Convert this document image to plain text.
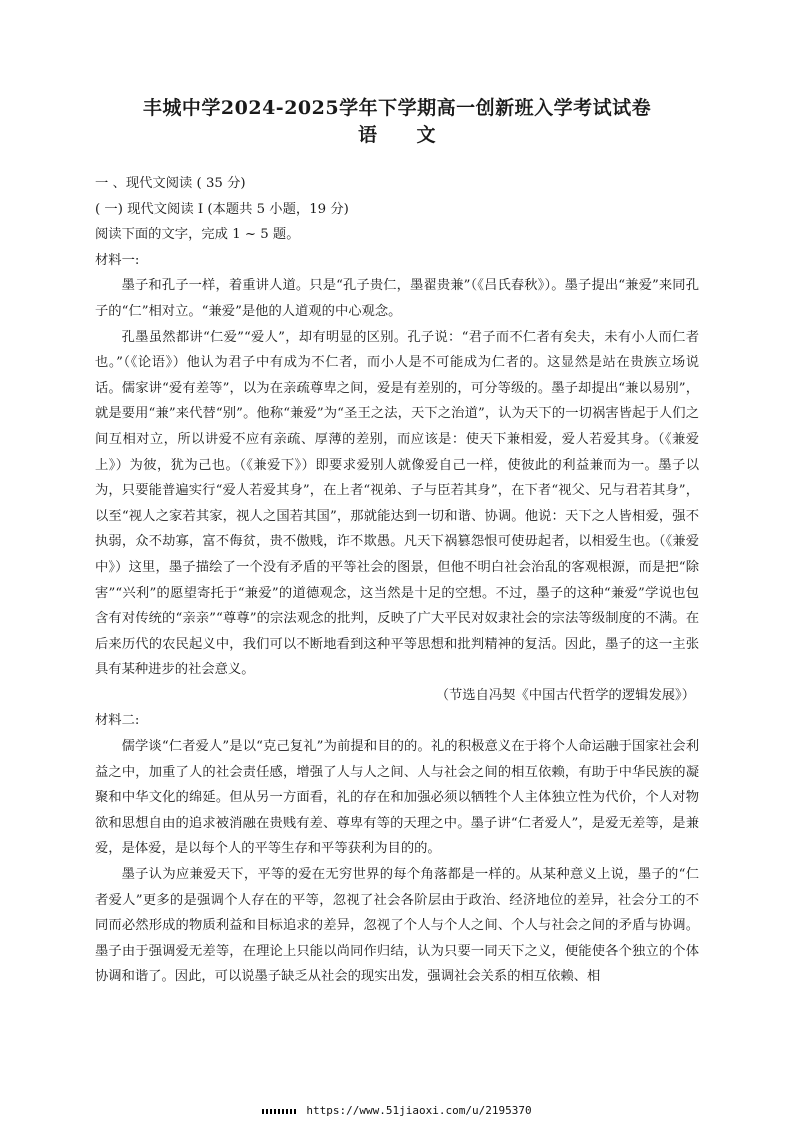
丰城中学2024-2025学年下学期高一创新班入学考试试卷
语　　文

一 、现代文阅读 ( 35 分)

( 一) 现代文阅读 I (本题共 5 小题，19 分)

阅读下面的文字，完成 1 ~ 5 题。

材料一:

墨子和孔子一样，着重讲人道。只是“孔子贵仁，墨翟贵兼”（《吕氏春秋》）。墨子提出“兼爱”来同孔子的“仁”相对立。“兼爱”是他的人道观的中心观念。

孔墨虽然都讲“仁爱”“爱人”，却有明显的区别。孔子说：“君子而不仁者有矣夫，未有小人而仁者也。”（《论语》）他认为君子中有成为不仁者，而小人是不可能成为仁者的。这显然是站在贵族立场说话。儒家讲“爱有差等”，以为在亲疏尊卑之间，爱是有差别的，可分等级的。墨子却提出“兼以易别”，就是要用“兼”来代替“别”。他称“兼爱”为“圣王之法，天下之治道”，认为天下的一切祸害皆起于人们之间互相对立，所以讲爱不应有亲疏、厚薄的差别，而应该是：使天下兼相爱，爱人若爱其身。（《兼爱上》）为彼，犹为己也。（《兼爱下》）即要求爱别人就像爱自己一样，使彼此的利益兼而为一。墨子以为，只要能普遍实行“爱人若爱其身”，在上者“视弟、子与臣若其身”，在下者“视父、兄与君若其身”，以至“视人之家若其家，视人之国若其国”，那就能达到一切和谐、协调。他说：天下之人皆相爱，强不执弱，众不劫寡，富不侮贫，贵不傲贱，诈不欺愚。凡天下祸篡怨恨可使毋起者，以相爱生也。（《兼爱中》）这里，墨子描绘了一个没有矛盾的平等社会的图景，但他不明白社会治乱的客观根源，而是把“除害”“兴利”的愿望寄托于“兼爱”的道德观念，这当然是十足的空想。不过，墨子的这种“兼爱”学说也包含有对传统的“亲亲”“尊尊”的宗法观念的批判，反映了广大平民对奴隶社会的宗法等级制度的不满。在后来历代的农民起义中，我们可以不断地看到这种平等思想和批判精神的复活。因此，墨子的这一主张具有某种进步的社会意义。

（节选自冯契《中国古代哲学的逻辑发展》）

材料二:

儒学谈“仁者爱人”是以“克己复礼”为前提和目的的。礼的积极意义在于将个人命运融于国家社会利益之中，加重了人的社会责任感，增强了人与人之间、人与社会之间的相互依赖，有助于中华民族的凝聚和中华文化的绵延。但从另一方面看，礼的存在和加强必须以牺牲个人主体独立性为代价，个人对物欲和思想自由的追求被消融在贵贱有差、尊卑有等的天理之中。墨子讲“仁者爱人”，是爱无差等，是兼爱，是体爱，是以每个人的平等生存和平等获利为目的的。

墨子认为应兼爱天下，平等的爱在无穷世界的每个角落都是一样的。从某种意义上说，墨子的“仁者爱人”更多的是强调个人存在的平等，忽视了社会各阶层由于政治、经济地位的差异，社会分工的不同而必然形成的物质利益和目标追求的差异，忽视了个人与个人之间、个人与社会之间的矛盾与协调。墨子由于强调爱无差等，在理论上只能以尚同作归结，认为只要一同天下之义，便能使各个独立的个体协调和谐了。因此，可以说墨子缺乏从社会的现实出发，强调社会关系的相互依赖、相

https://www.51jiaoxi.com/u/2195370
